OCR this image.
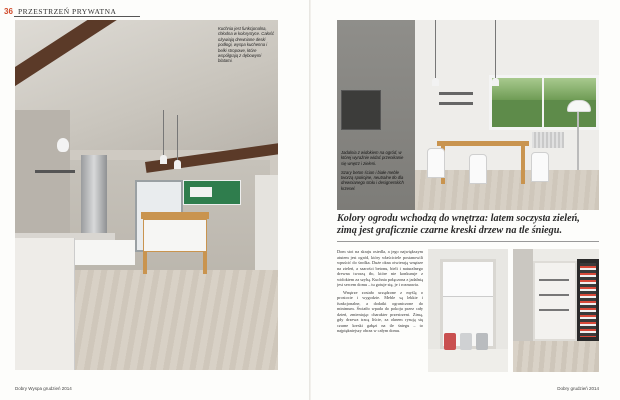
36 PRZESTRZEŃ PRYWATNA

Kuchnia jest funkcjonalna, chłodna w kolorystyce. Całość ożywiają drewniane deski podłogi, wyspa kuchenna i belki stropowe, które współgrają z dębowymi blatami.

Jadalnia z widokiem na ogród, w której wyraźnie widać przenikanie się wnętrz i zieleni.

Szary beton ścian i białe meble tworzą spokojne, neutralne tło dla drewnianego stołu i designerskich krzeseł.

Kolory ogrodu wchodzą do wnętrza: latem soczysta zieleń, zimą jest graficznie czarne kreski drzew na tle śniegu.

Dom stoi na skraju osiedla, a jego największym atutem jest ogród, który właściciele postanowili wpuścić do środka. Duże okna otwierają wnętrze na zieleń, a szarości betonu, bieli i naturalnego drewna tworzą tło, które nie konkuruje z widokiem za szybą. Kuchnia połączona z jadalnią jest sercem domu – tu gotuje się, je i rozmawia.

Wnętrze zostało urządzone z myślą o prostocie i wygodzie. Meble są lekkie i funkcjonalne, a dodatki ograniczone do minimum. Światło wpada do pokoju przez cały dzień, zmieniając charakter przestrzeni. Zimą, gdy drzewa tracą liście, za oknem rysują się czarne kreski gałęzi na tle śniegu – to najpiękniejszy obraz w całym domu.

Dobry Wyspa grudzień 2014	Dobry grudzień 2014
